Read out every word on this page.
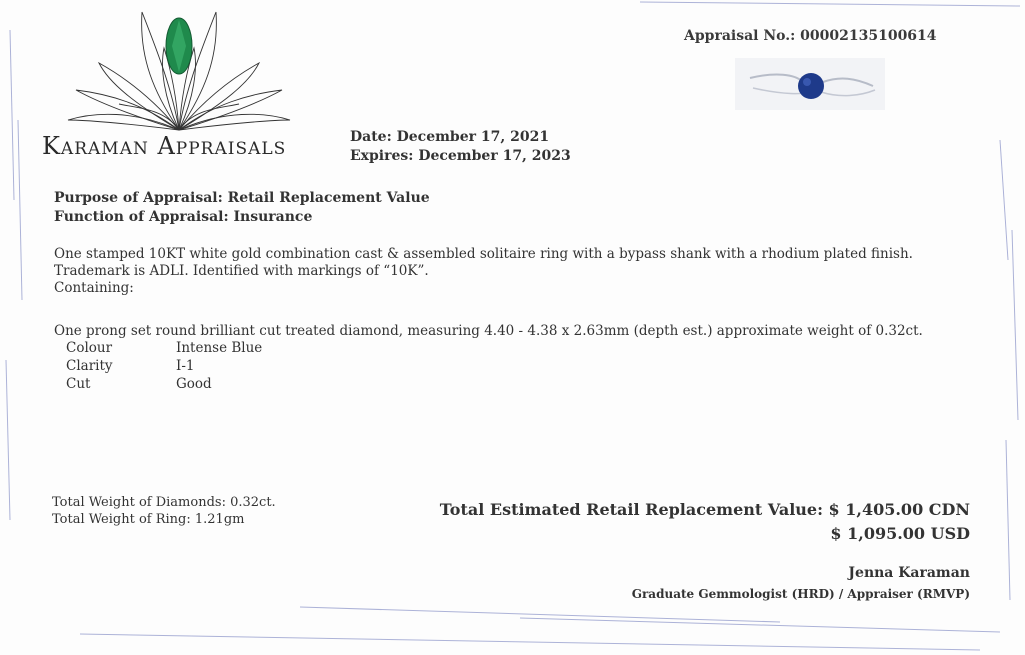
Karaman Appraisals
Appraisal No.: 00002135100614
Date: December 17, 2021
Expires: December 17, 2023
Purpose of Appraisal: Retail Replacement Value
Function of Appraisal: Insurance

One stamped 10KT white gold combination cast & assembled solitaire ring with a bypass shank with a rhodium plated finish.

Trademark is ADLI. Identified with markings of “10K”.

Containing:

One prong set round brilliant cut treated diamond, measuring 4.40 - 4.38 x 2.63mm (depth est.) approximate weight of 0.32ct.
Colour	Intense Blue
Clarity	I-1
Cut	Good
Total Weight of Diamonds: 0.32ct.
Total Weight of Ring: 1.21gm
Total Estimated Retail Replacement Value: $ 1,405.00 CDN
$ 1,095.00 USD
Jenna Karaman
Graduate Gemmologist (HRD) / Appraiser (RMVP)
